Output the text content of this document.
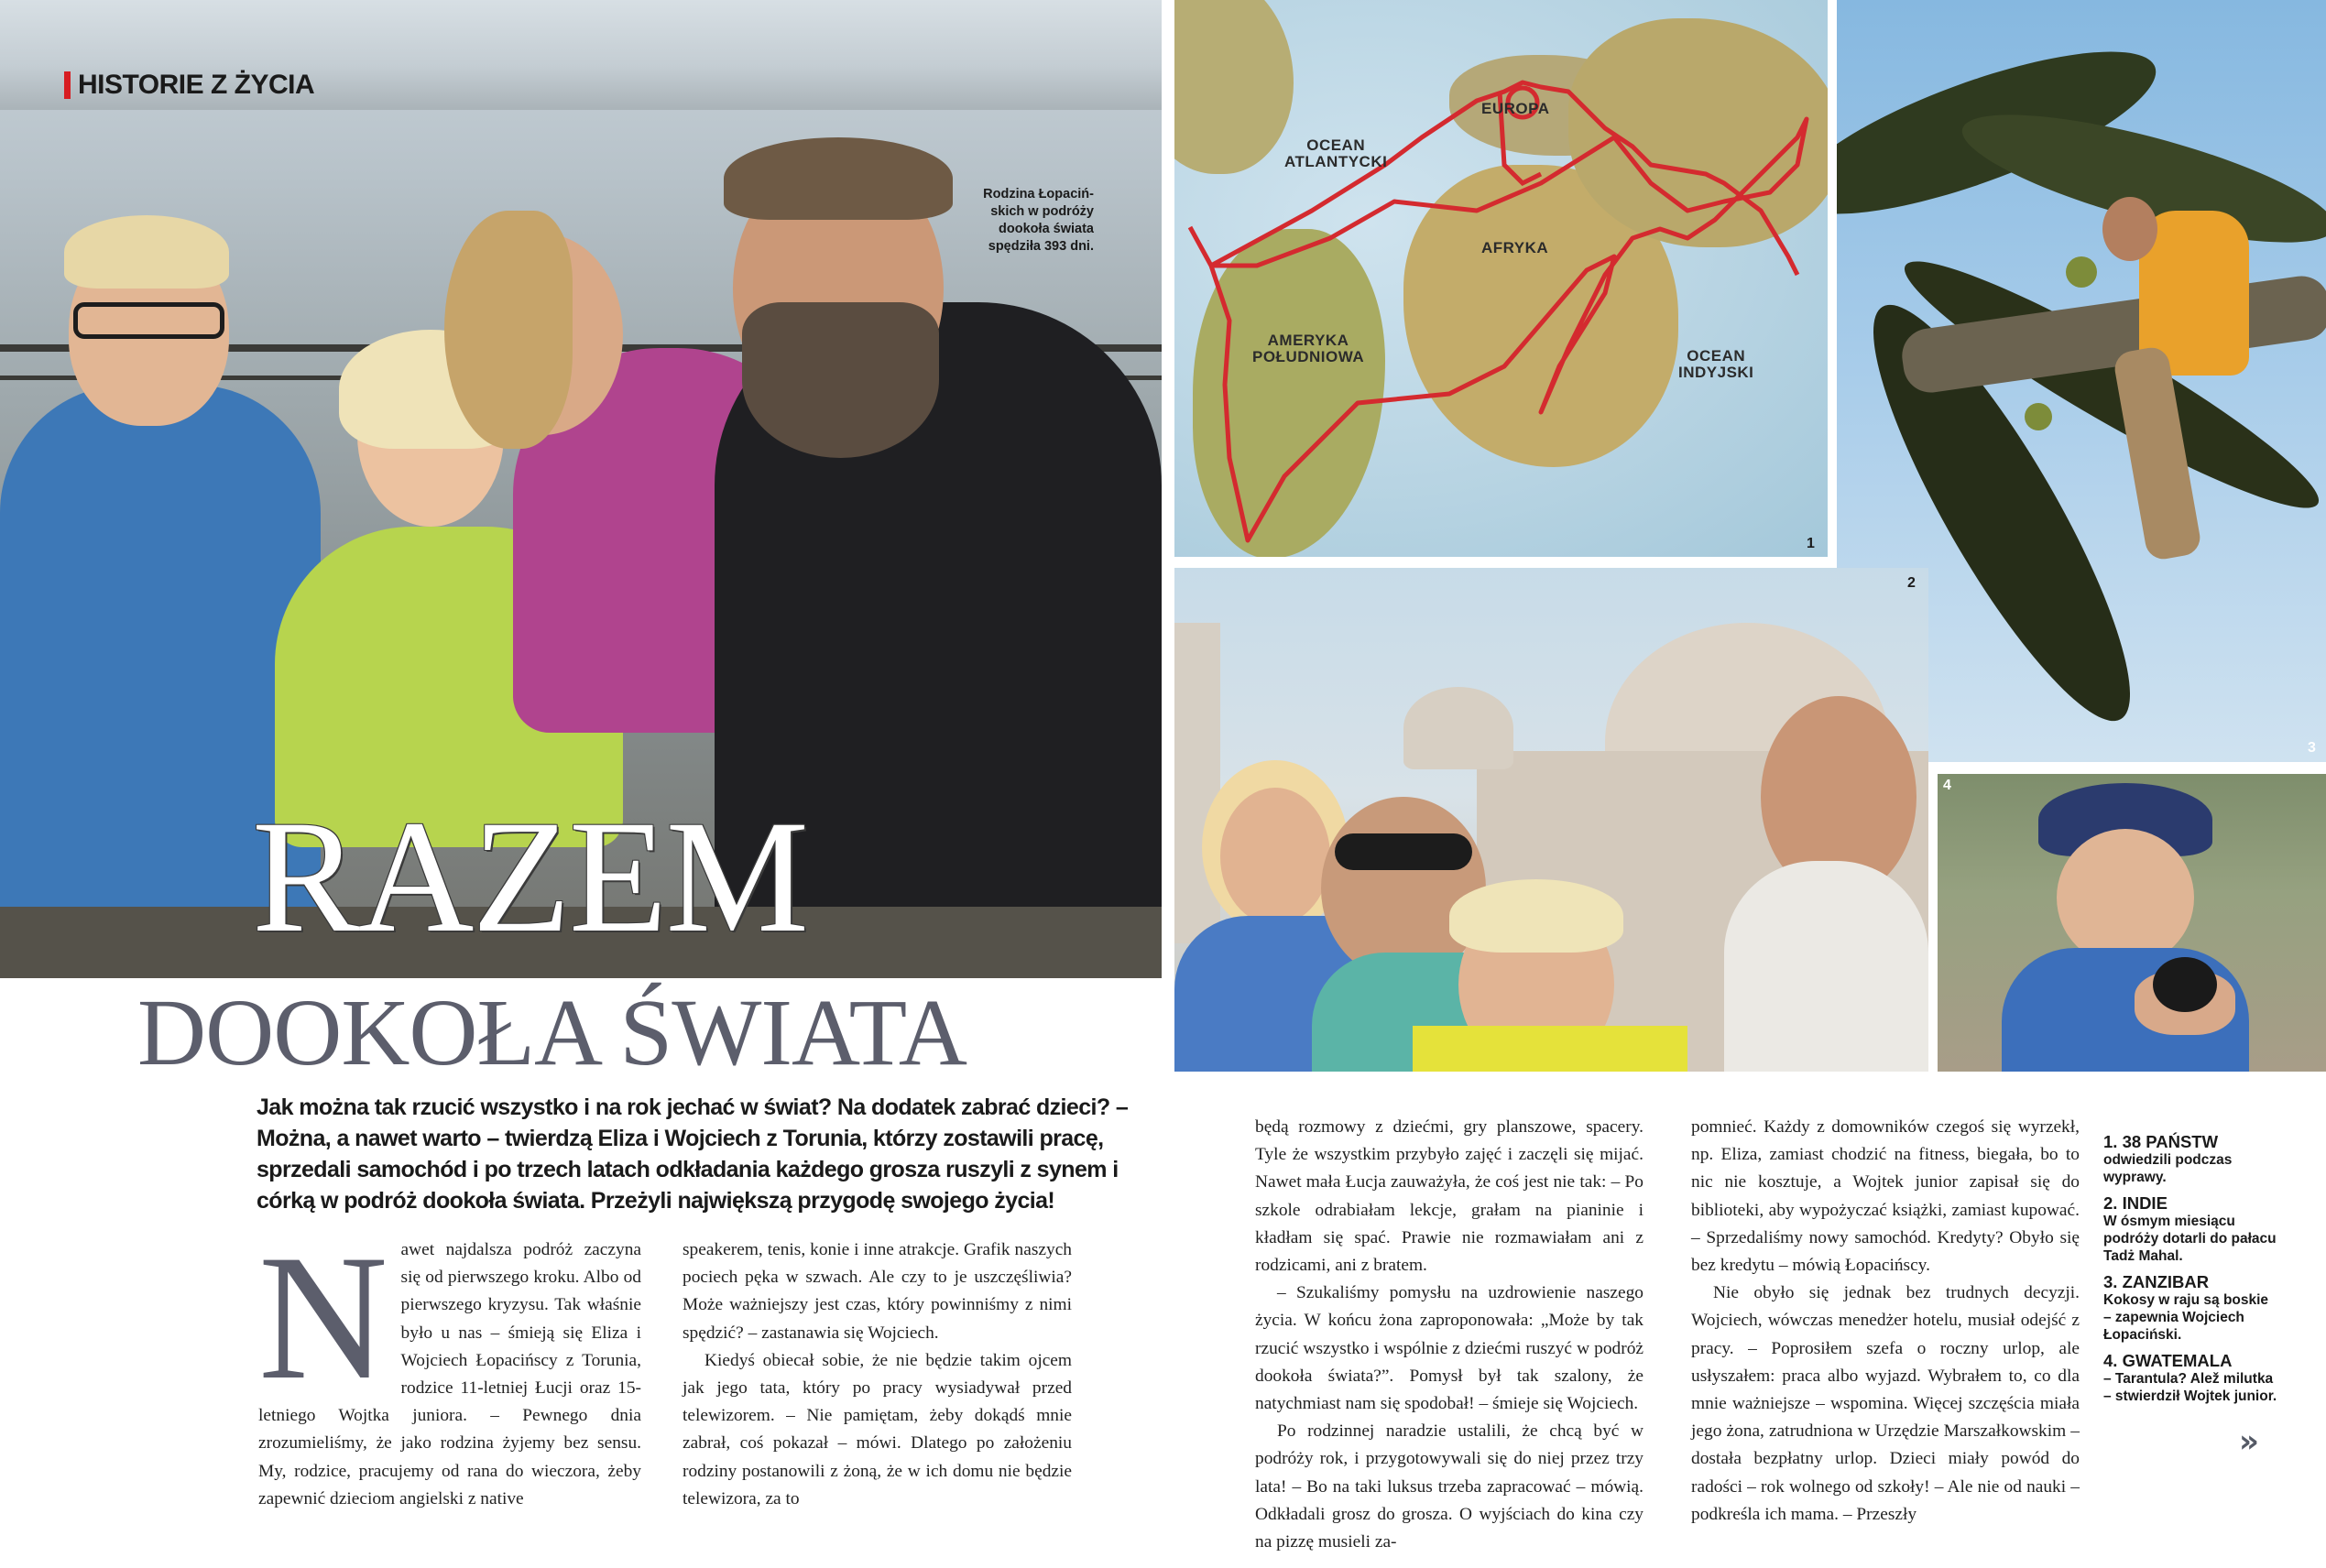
HISTORIE Z ŻYCIA
Rodzina Łopaciń-
skich w podróży
dookoła świata
spędziła 393 dni.
OCEAN
ATLANTYCKI
EUROPA
AFRYKA
AMERYKA
POŁUDNIOWA	OCEAN
INDYJSKI
1
3
2
4
RAZEM
DOOKOŁA ŚWIATA
Jak można tak rzucić wszystko i na rok jechać w świat? Na dodatek zabrać dzieci? – Można, a nawet warto – twierdzą Eliza i Wojciech z Torunia, którzy zostawili pracę, sprzedali samochód i po trzech latach odkładania każdego grosza ruszyli z synem i córką w podróż dookoła świata. Przeżyli największą przygodę swojego życia!
N awet najdalsza podróż zaczyna się od pierwszego kroku. Albo od pierwszego kryzysu. Tak właśnie było u nas – śmieją się Eliza i Wojciech Łopacińscy z Torunia, rodzice 11-letniej Łucji oraz 15-letniego Wojtka juniora. – Pewnego dnia zrozumieliśmy, że jako rodzina żyjemy bez sensu. My, rodzice, pracujemy od rana do wieczora, żeby zapewnić dzieciom angielski z native

speakerem, tenis, konie i inne atrakcje. Grafik naszych pociech pęka w szwach. Ale czy to je uszczęśliwia? Może ważniejszy jest czas, który powinniśmy z nimi spędzić? – zastanawia się Wojciech.

Kiedyś obiecał sobie, że nie będzie takim ojcem jak jego tata, który po pracy wysiadywał przed telewizorem. – Nie pamiętam, żeby dokądś mnie zabrał, coś pokazał – mówi. Dlatego po założeniu rodziny postanowili z żoną, że w ich domu nie będzie telewizora, za to

będą rozmowy z dziećmi, gry planszowe, spacery. Tyle że wszystkim przybyło zajęć i zaczęli się mijać. Nawet mała Łucja zauważyła, że coś jest nie tak: – Po szkole odrabiałam lekcje, grałam na pianinie i kładłam się spać. Prawie nie rozmawiałam ani z rodzicami, ani z bratem.

– Szukaliśmy pomysłu na uzdrowienie naszego życia. W końcu żona zaproponowała: „Może by tak rzucić wszystko i wspólnie z dziećmi ruszyć w podróż dookoła świata?”. Pomysł był tak szalony, że natychmiast nam się spodobał! – śmieje się Wojciech.

Po rodzinnej naradzie ustalili, że chcą być w podróży rok, i przygotowywali się do niej przez trzy lata! – Bo na taki luksus trzeba zapracować – mówią. Odkładali grosz do grosza. O wyjściach do kina czy na pizzę musieli za-

pomnieć. Każdy z domowników czegoś się wyrzekł, np. Eliza, zamiast chodzić na fitness, biegała, bo to nic nie kosztuje, a Wojtek junior zapisał się do biblioteki, aby wypożyczać książki, zamiast kupować. – Sprzedaliśmy nowy samochód. Kredyty? Obyło się bez kredytu – mówią Łopacińscy.

Nie obyło się jednak bez trudnych decyzji. Wojciech, wówczas menedżer hotelu, musiał odejść z pracy. – Poprosiłem szefa o roczny urlop, ale usłyszałem: praca albo wyjazd. Wybrałem to, co dla mnie ważniejsze – wspomina. Więcej szczęścia miała jego żona, zatrudniona w Urzędzie Marszałkowskim – dostała bezpłatny urlop. Dzieci miały powód do radości – rok wolnego od szkoły! – Ale nie od nauki – podkreśla ich mama. – Przeszły

1. 38 PAŃSTW
odwiedzili podczas wyprawy.
2. INDIE
W ósmym miesiącu podróży dotarli do pałacu Tadż Mahal.
3. ZANZIBAR
Kokosy w raju są boskie – zapewnia Wojciech Łopaciński.
4. GWATEMALA
– Tarantula? Alež milutka – stwierdził Wojtek junior.
»
